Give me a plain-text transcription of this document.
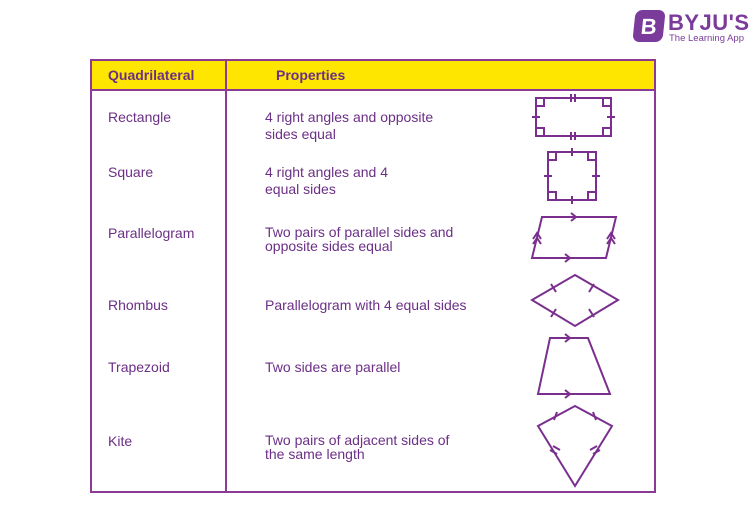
B BYJU'S
The Learning App
Quadrilateral	Properties
Rectangle	4 right angles and opposite
sides equal
Square	4 right angles and 4
equal sides
Parallelogram	Two pairs of parallel sides and
opposite sides equal
Rhombus	Parallelogram with 4 equal sides
Trapezoid	Two sides are parallel
Kite	Two pairs of adjacent sides of
the same length
